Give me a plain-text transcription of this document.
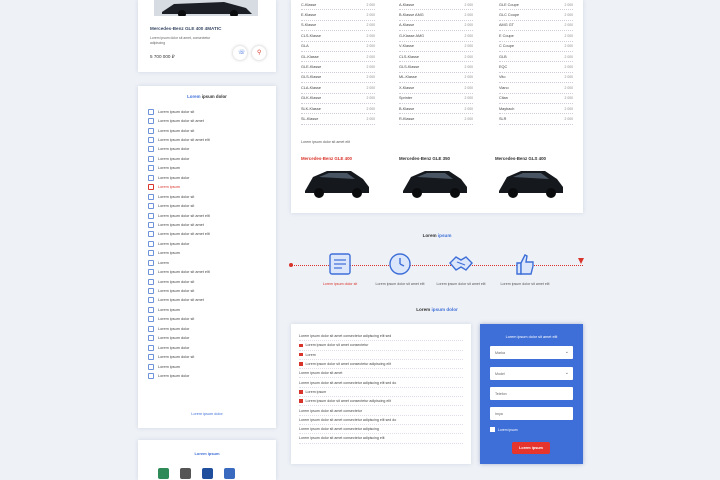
Mercedes-Benz GLE 400 4MATIC
Lorem ipsum dolor sit amet, consectetur adipiscing
5 700 000 ₽
☏ ⚲
Lorem ipsum dolor
Lorem ipsum dolor sit
Lorem ipsum dolor sit amet
Lorem ipsum dolor sit
Lorem ipsum dolor sit amet elit
Lorem ipsum dolor
Lorem ipsum dolor
Lorem ipsum
Lorem ipsum dolor
Lorem ipsum
Lorem ipsum dolor sit
Lorem ipsum dolor sit
Lorem ipsum dolor sit amet elit
Lorem ipsum dolor sit amet
Lorem ipsum dolor sit amet elit
Lorem ipsum dolor
Lorem ipsum
Lorem
Lorem ipsum dolor sit amet elit
Lorem ipsum dolor sit
Lorem ipsum dolor sit
Lorem ipsum dolor sit amet
Lorem ipsum
Lorem ipsum dolor sit
Lorem ipsum dolor
Lorem ipsum dolor
Lorem ipsum dolor
Lorem ipsum dolor sit
Lorem ipsum
Lorem ipsum dolor
Lorem ipsum dolor
Lorem ipsum
C-Klasse	2 000
E-Klasse	2 000
S-Klasse	2 000
CLS-Klasse	2 000
GLA	2 000
GL-Klasse	2 000
GLE-Klasse	2 000
GLS-Klasse	2 000
CLA-Klasse	2 000
GLK-Klasse	2 000
SLK-Klasse	2 000
SL-Klasse	2 000
A-Klasse	2 000
B-Klasse AMG	2 000
A-Klasse	2 000
G-Klasse AMG	2 000
V-Klasse	2 000
CLS-Klasse	2 000
GLS-Klasse	2 000
ML-Klasse	2 000
X-Klasse	2 000
Sprinter	2 000
B-Klasse	2 000
R-Klasse	2 000
GLE Coupe	2 000
GLC Coupe	2 000
AMG GT	2 000
E Coupe	2 000
C Coupe	2 000
GLB	2 000
EQC	2 000
Vito	2 000
Viano	2 000
Citan	2 000
Maybach	2 000
SLR	2 000
Lorem ipsum dolor sit amet elit
Mercedes-Benz GLE 400	Mercedes-Benz GLE 350	Mercedes-Benz GLS 400
Lorem ipsum
Lorem ipsum dolor sit	Lorem ipsum dolor sit amet elit	Lorem ipsum dolor sit amet elit	Lorem ipsum dolor sit amet elit
Lorem ipsum dolor
Lorem ipsum dolor sit amet consectetur adipiscing elit sed
Lorem ipsum dolor sit amet consectetur
Lorem
Lorem ipsum dolor sit amet consectetur adipiscing elit
Lorem ipsum dolor sit amet
Lorem ipsum dolor sit amet consectetur adipiscing elit sed do
Lorem ipsum
Lorem ipsum dolor sit amet consectetur adipiscing elit
Lorem ipsum dolor sit amet consectetur
Lorem ipsum dolor sit amet consectetur adipiscing elit sed do
Lorem ipsum dolor sit amet consectetur adipiscing
Lorem ipsum dolor sit amet consectetur adipiscing elit
Lorem ipsum dolor sit amet elit
Marka	⌄
Model	⌄
Telefon
Imya
Lorem ipsum
Lorem ipsum
